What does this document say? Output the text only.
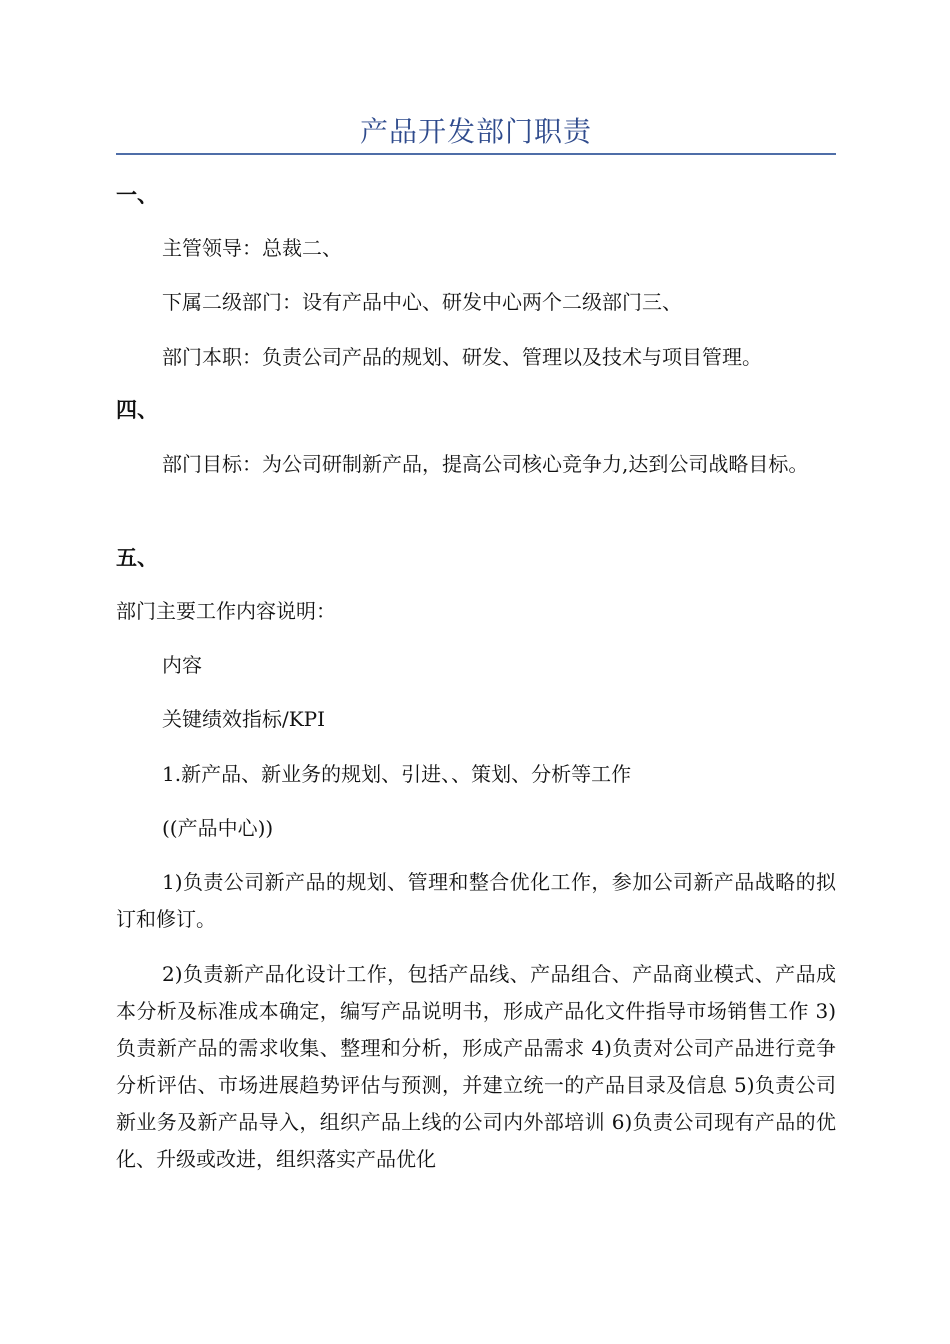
产品开发部门职责
一、
主管领导：总裁二、
下属二级部门：设有产品中心、研发中心两个二级部门三、
部门本职：负责公司产品的规划、研发、管理以及技术与项目管理。
四、
部门目标：为公司研制新产品，提高公司核心竞争力,达到公司战略目标。
五、
部门主要工作内容说明：
内容
关键绩效指标/KPI
1.新产品、新业务的规划、引进、、策划、分析等工作
((产品中心))
1)负责公司新产品的规划、管理和整合优化工作，参加公司新产品战略的拟订和修订。
2)负责新产品化设计工作，包括产品线、产品组合、产品商业模式、产品成本分析及标准成本确定，编写产品说明书，形成产品化文件指导市场销售工作 3)负责新产品的需求收集、整理和分析，形成产品需求 4)负责对公司产品进行竞争分析评估、市场进展趋势评估与预测，并建立统一的产品目录及信息 5)负责公司新业务及新产品导入，组织产品上线的公司内外部培训 6)负责公司现有产品的优化、升级或改进，组织落实产品优化
